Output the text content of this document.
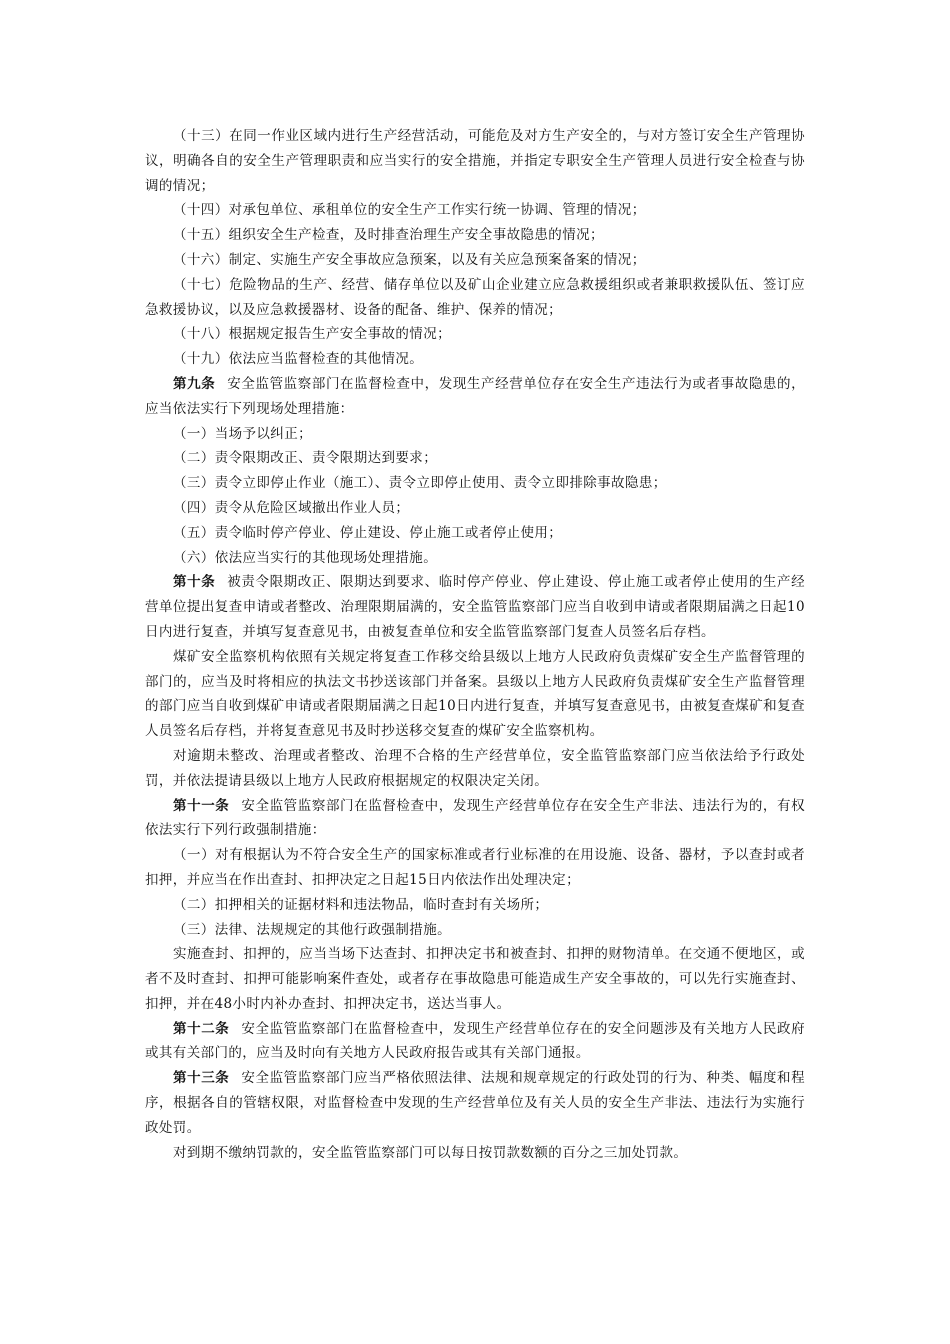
（十三）在同一作业区域内进行生产经营活动，可能危及对方生产安全的，与对方签订安全生产管理协议，明确各自的安全生产管理职责和应当实行的安全措施，并指定专职安全生产管理人员进行安全检查与协调的情况；

（十四）对承包单位、承租单位的安全生产工作实行统一协调、管理的情况；

（十五）组织安全生产检查，及时排查治理生产安全事故隐患的情况；

（十六）制定、实施生产安全事故应急预案，以及有关应急预案备案的情况；

（十七）危险物品的生产、经营、储存单位以及矿山企业建立应急救援组织或者兼职救援队伍、签订应急救援协议，以及应急救援器材、设备的配备、维护、保养的情况；

（十八）根据规定报告生产安全事故的情况；

（十九）依法应当监督检查的其他情况。

第九条 安全监管监察部门在监督检查中，发现生产经营单位存在安全生产违法行为或者事故隐患的，应当依法实行下列现场处理措施：

（一）当场予以纠正；

（二）责令限期改正、责令限期达到要求；

（三）责令立即停止作业（施工）、责令立即停止使用、责令立即排除事故隐患；

（四）责令从危险区域撤出作业人员；

（五）责令临时停产停业、停止建设、停止施工或者停止使用；

（六）依法应当实行的其他现场处理措施。

第十条 被责令限期改正、限期达到要求、临时停产停业、停止建设、停止施工或者停止使用的生产经营单位提出复查申请或者整改、治理限期届满的，安全监管监察部门应当自收到申请或者限期届满之日起10日内进行复查，并填写复查意见书，由被复查单位和安全监管监察部门复查人员签名后存档。

煤矿安全监察机构依照有关规定将复查工作移交给县级以上地方人民政府负责煤矿安全生产监督管理的部门的，应当及时将相应的执法文书抄送该部门并备案。县级以上地方人民政府负责煤矿安全生产监督管理的部门应当自收到煤矿申请或者限期届满之日起10日内进行复查，并填写复查意见书，由被复查煤矿和复查人员签名后存档，并将复查意见书及时抄送移交复查的煤矿安全监察机构。

对逾期未整改、治理或者整改、治理不合格的生产经营单位，安全监管监察部门应当依法给予行政处罚，并依法提请县级以上地方人民政府根据规定的权限决定关闭。

第十一条 安全监管监察部门在监督检查中，发现生产经营单位存在安全生产非法、违法行为的，有权依法实行下列行政强制措施：

（一）对有根据认为不符合安全生产的国家标准或者行业标准的在用设施、设备、器材，予以查封或者扣押，并应当在作出查封、扣押决定之日起15日内依法作出处理决定；

（二）扣押相关的证据材料和违法物品，临时查封有关场所；

（三）法律、法规规定的其他行政强制措施。

实施查封、扣押的，应当当场下达查封、扣押决定书和被查封、扣押的财物清单。在交通不便地区，或者不及时查封、扣押可能影响案件查处，或者存在事故隐患可能造成生产安全事故的，可以先行实施查封、扣押，并在48小时内补办查封、扣押决定书，送达当事人。

第十二条 安全监管监察部门在监督检查中，发现生产经营单位存在的安全问题涉及有关地方人民政府或其有关部门的，应当及时向有关地方人民政府报告或其有关部门通报。

第十三条 安全监管监察部门应当严格依照法律、法规和规章规定的行政处罚的行为、种类、幅度和程序，根据各自的管辖权限，对监督检查中发现的生产经营单位及有关人员的安全生产非法、违法行为实施行政处罚。

对到期不缴纳罚款的，安全监管监察部门可以每日按罚款数额的百分之三加处罚款。
